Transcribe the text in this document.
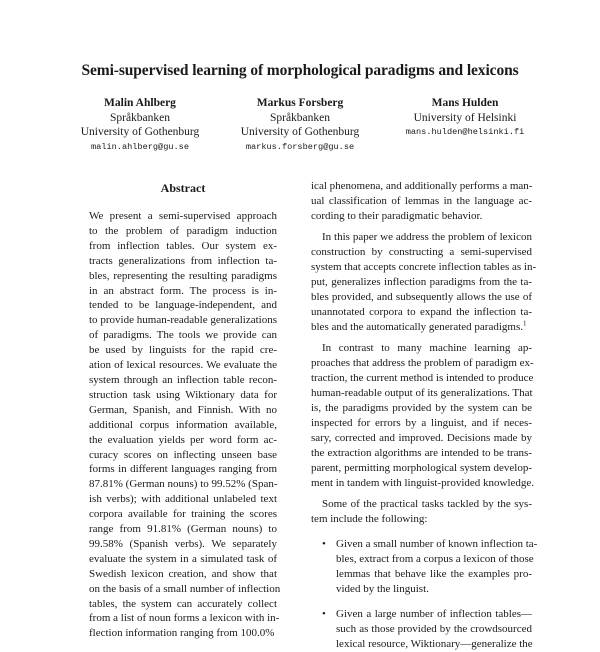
Semi-supervised learning of morphological paradigms and lexicons
Malin Ahlberg
Språkbanken
University of Gothenburg
malin.ahlberg@gu.se
Markus Forsberg
Språkbanken
University of Gothenburg
markus.forsberg@gu.se
Mans Hulden
University of Helsinki
mans.hulden@helsinki.fi
Abstract
We present a semi-supervised approach
to the problem of paradigm induction
from inflection tables. Our system ex-
tracts generalizations from inflection ta-
bles, representing the resulting paradigms
in an abstract form. The process is in-
tended to be language-independent, and
to provide human-readable generalizations
of paradigms. The tools we provide can
be used by linguists for the rapid cre-
ation of lexical resources. We evaluate the
system through an inflection table recon-
struction task using Wiktionary data for
German, Spanish, and Finnish. With no
additional corpus information available,
the evaluation yields per word form ac-
curacy scores on inflecting unseen base
forms in different languages ranging from
87.81% (German nouns) to 99.52% (Span-
ish verbs); with additional unlabeled text
corpora available for training the scores
range from 91.81% (German nouns) to
99.58% (Spanish verbs). We separately
evaluate the system in a simulated task of
Swedish lexicon creation, and show that
on the basis of a small number of inflection
tables, the system can accurately collect
from a list of noun forms a lexicon with in-
flection information ranging from 100.0%
ical phenomena, and additionally performs a man-
ual classification of lemmas in the language ac-
cording to their paradigmatic behavior.
In this paper we address the problem of lexicon
construction by constructing a semi-supervised
system that accepts concrete inflection tables as in-
put, generalizes inflection paradigms from the ta-
bles provided, and subsequently allows the use of
unannotated corpora to expand the inflection ta-
bles and the automatically generated paradigms.$^1$
In contrast to many machine learning ap-
proaches that address the problem of paradigm ex-
traction, the current method is intended to produce
human-readable output of its generalizations. That
is, the paradigms provided by the system can be
inspected for errors by a linguist, and if neces-
sary, corrected and improved. Decisions made by
the extraction algorithms are intended to be trans-
parent, permitting morphological system develop-
ment in tandem with linguist-provided knowledge.
Some of the practical tasks tackled by the sys-
tem include the following:
• Given a small number of known inflection ta-
bles, extract from a corpus a lexicon of those
lemmas that behave like the examples pro-
vided by the linguist.
• Given a large number of inflection tables—
such as those provided by the crowdsourced
lexical resource, Wiktionary—generalize the
